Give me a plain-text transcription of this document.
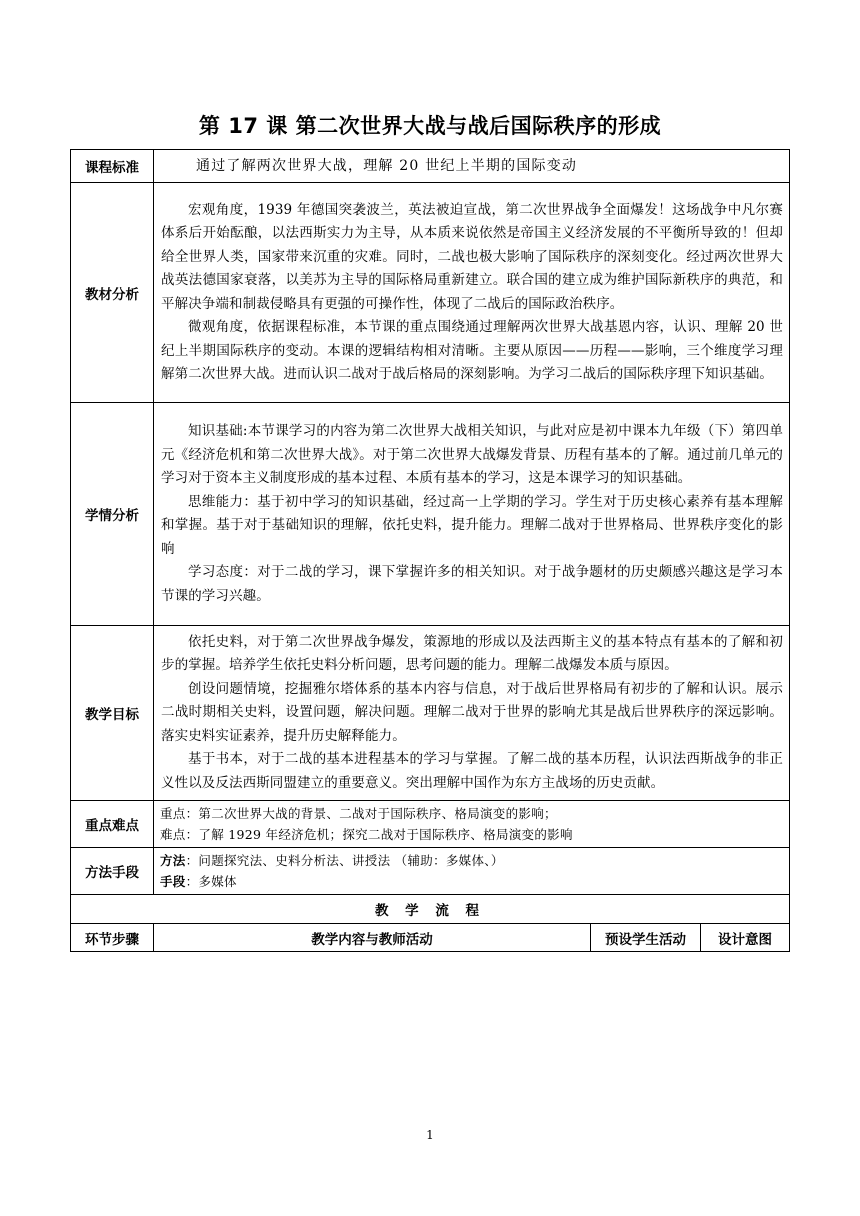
第 17 课 第二次世界大战与战后国际秩序的形成
课程标准	通过了解两次世界大战，理解 20 世纪上半期的国际变动		
教材分析	宏观角度，1939 年德国突袭波兰，英法被迫宣战，第二次世界战争全面爆发！这场战争中凡尔赛体系后开始酝酿，以法西斯实力为主导，从本质来说依然是帝国主义经济发展的不平衡所导致的！但却给全世界人类，国家带来沉重的灾难。同时，二战也极大影响了国际秩序的深刻变化。经过两次世界大战英法德国家衰落，以美苏为主导的国际格局重新建立。联合国的建立成为维护国际新秩序的典范，和平解决争端和制裁侵略具有更强的可操作性，体现了二战后的国际政治秩序。

微观角度，依据课程标准，本节课的重点围绕通过理解两次世界大战基恩内容，认识、理解 20 世纪上半期国际秩序的变动。本课的逻辑结构相对清晰。主要从原因——历程——影响，三个维度学习理解第二次世界大战。进而认识二战对于战后格局的深刻影响。为学习二战后的国际秩序理下知识基础。		

学情分析	知识基础:本节课学习的内容为第二次世界大战相关知识，与此对应是初中课本九年级（下）第四单元《经济危机和第二次世界大战》。对于第二次世界大战爆发背景、历程有基本的了解。通过前几单元的学习对于资本主义制度形成的基本过程、本质有基本的学习，这是本课学习的知识基础。

思维能力：基于初中学习的知识基础，经过高一上学期的学习。学生对于历史核心素养有基本理解和掌握。基于对于基础知识的理解，依托史料，提升能力。理解二战对于世界格局、世界秩序变化的影响

学习态度：对于二战的学习，课下掌握许多的相关知识。对于战争题材的历史颇感兴趣这是学习本节课的学习兴趣。		

教学目标	依托史料，对于第二次世界战争爆发，策源地的形成以及法西斯主义的基本特点有基本的了解和初步的掌握。培养学生依托史料分析问题，思考问题的能力。理解二战爆发本质与原因。

创设问题情境，挖掘雅尔塔体系的基本内容与信息，对于战后世界格局有初步的了解和认识。展示二战时期相关史料，设置问题，解决问题。理解二战对于世界的影响尤其是战后世界秩序的深远影响。落实史料实证素养，提升历史解释能力。

基于书本，对于二战的基本进程基本的学习与掌握。了解二战的基本历程，认识法西斯战争的非正义性以及反法西斯同盟建立的重要意义。突出理解中国作为东方主战场的历史贡献。		

重点难点	重点：第二次世界大战的背景、二战对于国际秩序、格局演变的影响；
难点：了解 1929 年经济危机；探究二战对于国际秩序、格局演变的影响		

方法手段	方法：问题探究法、史料分析法、讲授法 （辅助：多媒体、）
手段：多媒体		

教 学 流 程			
环节步骤	教学内容与教师活动	预设学生活动	设计意图
1
